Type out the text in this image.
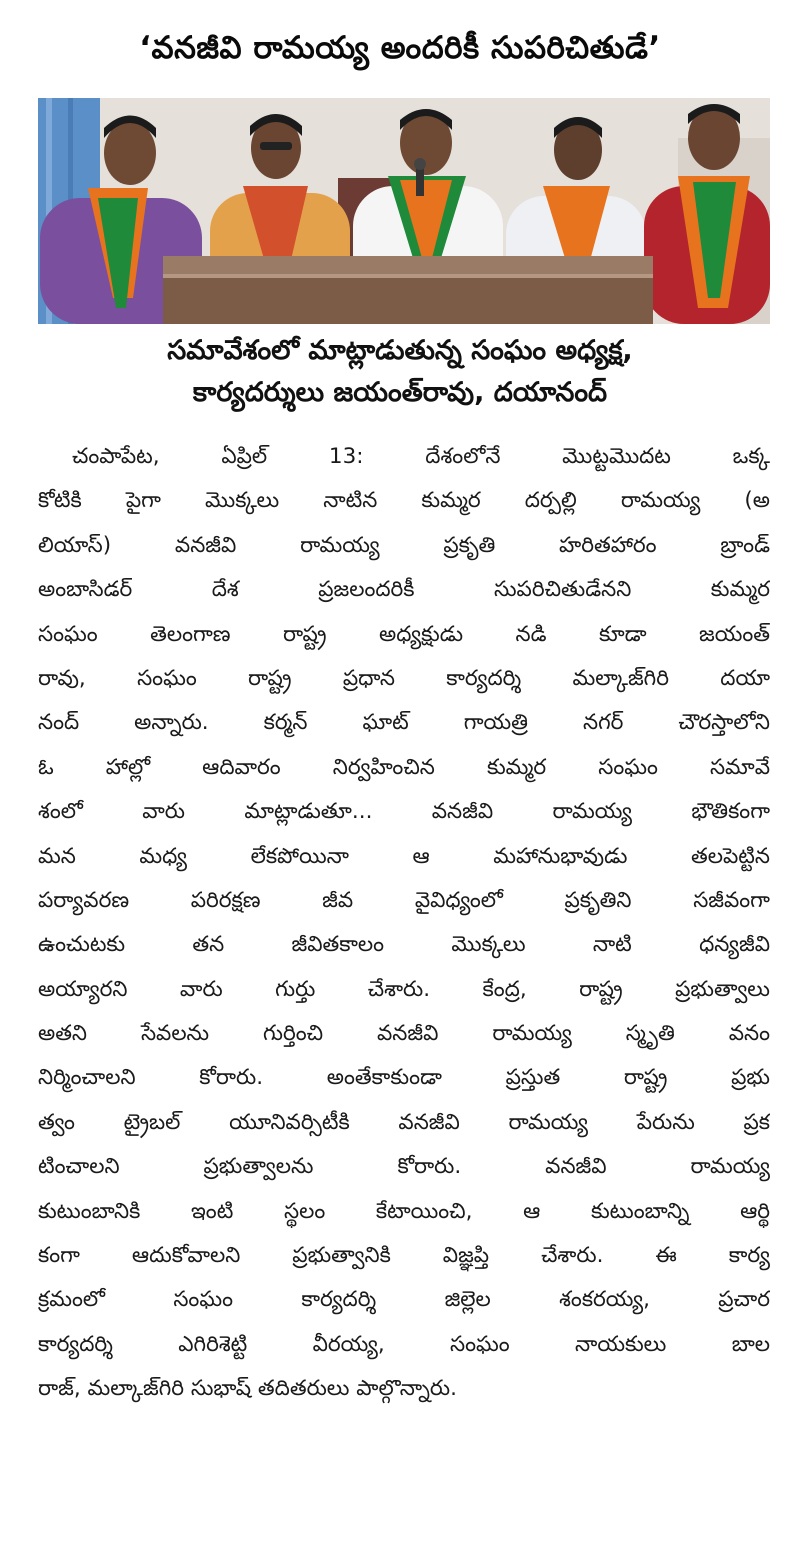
‘వనజీవి రామయ్య అందరికీ సుపరిచితుడే’
సమావేశంలో మాట్లాడుతున్న సంఘం అధ్యక్ష,
కార్యదర్శులు జయంత్‌రావు, దయానంద్
చంపాపేట, ఏప్రిల్ 13: దేశంలోనే మొట్టమొదట ఒక్క
కోటికి పైగా మొక్కలు నాటిన కుమ్మర దర్పల్లి రామయ్య (అ
లియాస్) వనజీవి రామయ్య ప్రకృతి హరితహారం బ్రాండ్
అంబాసిడర్ దేశ ప్రజలందరికీ సుపరిచితుడేనని కుమ్మర
సంఘం తెలంగాణ రాష్ట్ర అధ్యక్షుడు నడి కూడా జయంత్
రావు, సంఘం రాష్ట్ర ప్రధాన కార్యదర్శి మల్కాజ్‌గిరి దయా
నంద్ అన్నారు. కర్మన్ ఘాట్ గాయత్రి నగర్ చౌరస్తాలోని
ఓ హాల్లో ఆదివారం నిర్వహించిన కుమ్మర సంఘం సమావే
శంలో వారు మాట్లాడుతూ... వనజీవి రామయ్య భౌతికంగా
మన మధ్య లేకపోయినా ఆ మహానుభావుడు తలపెట్టిన
పర్యావరణ పరిరక్షణ జీవ వైవిధ్యంలో ప్రకృతిని సజీవంగా
ఉంచుటకు తన జీవితకాలం మొక్కలు నాటి ధన్యజీవి
అయ్యారని వారు గుర్తు చేశారు. కేంద్ర, రాష్ట్ర ప్రభుత్వాలు
అతని సేవలను గుర్తించి వనజీవి రామయ్య స్మృతి వనం
నిర్మించాలని కోరారు. అంతేకాకుండా ప్రస్తుత రాష్ట్ర ప్రభు
త్వం ట్రైబల్ యూనివర్సిటీకి వనజీవి రామయ్య పేరును ప్రక
టించాలని ప్రభుత్వాలను కోరారు. వనజీవి రామయ్య
కుటుంబానికి ఇంటి స్థలం కేటాయించి, ఆ కుటుంబాన్ని ఆర్థి
కంగా ఆదుకోవాలని ప్రభుత్వానికి విజ్ఞప్తి చేశారు. ఈ కార్య
క్రమంలో సంఘం కార్యదర్శి జిల్లెల శంకరయ్య, ప్రచార
కార్యదర్శి ఎగిరిశెట్టి వీరయ్య, సంఘం నాయకులు బాల
రాజ్, మల్కాజ్‌గిరి సుభాష్ తదితరులు పాల్గొన్నారు.
